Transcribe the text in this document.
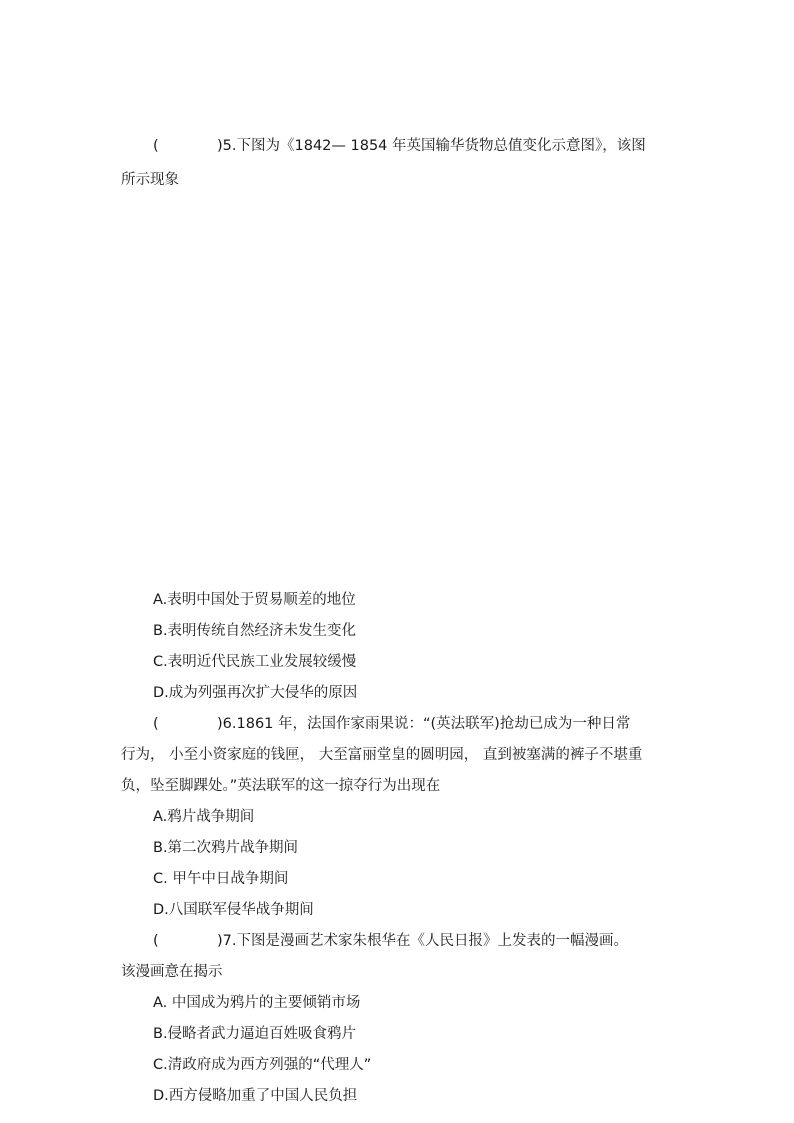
(	)5.下图为《1842— 1854 年英国输华货物总值变化示意图》，该图
所示现象
A.表明中国处于贸易顺差的地位
B.表明传统自然经济未发生变化
C.表明近代民族工业发展较缓慢
D.成为列强再次扩大侵华的原因
(	)6.1861 年，法国作家雨果说：“(英法联军)抢劫已成为一种日常
行为， 小至小资家庭的钱匣， 大至富丽堂皇的圆明园， 直到被塞满的裤子不堪重
负，坠至脚踝处。”英法联军的这一掠夺行为出现在
A.鸦片战争期间
B.第二次鸦片战争期间
C. 甲午中日战争期间
D.八国联军侵华战争期间
(	)7.下图是漫画艺术家朱根华在《人民日报》上发表的一幅漫画。
该漫画意在揭示
A. 中国成为鸦片的主要倾销市场
B.侵略者武力逼迫百姓吸食鸦片
C.清政府成为西方列强的“代理人”
D.西方侵略加重了中国人民负担
